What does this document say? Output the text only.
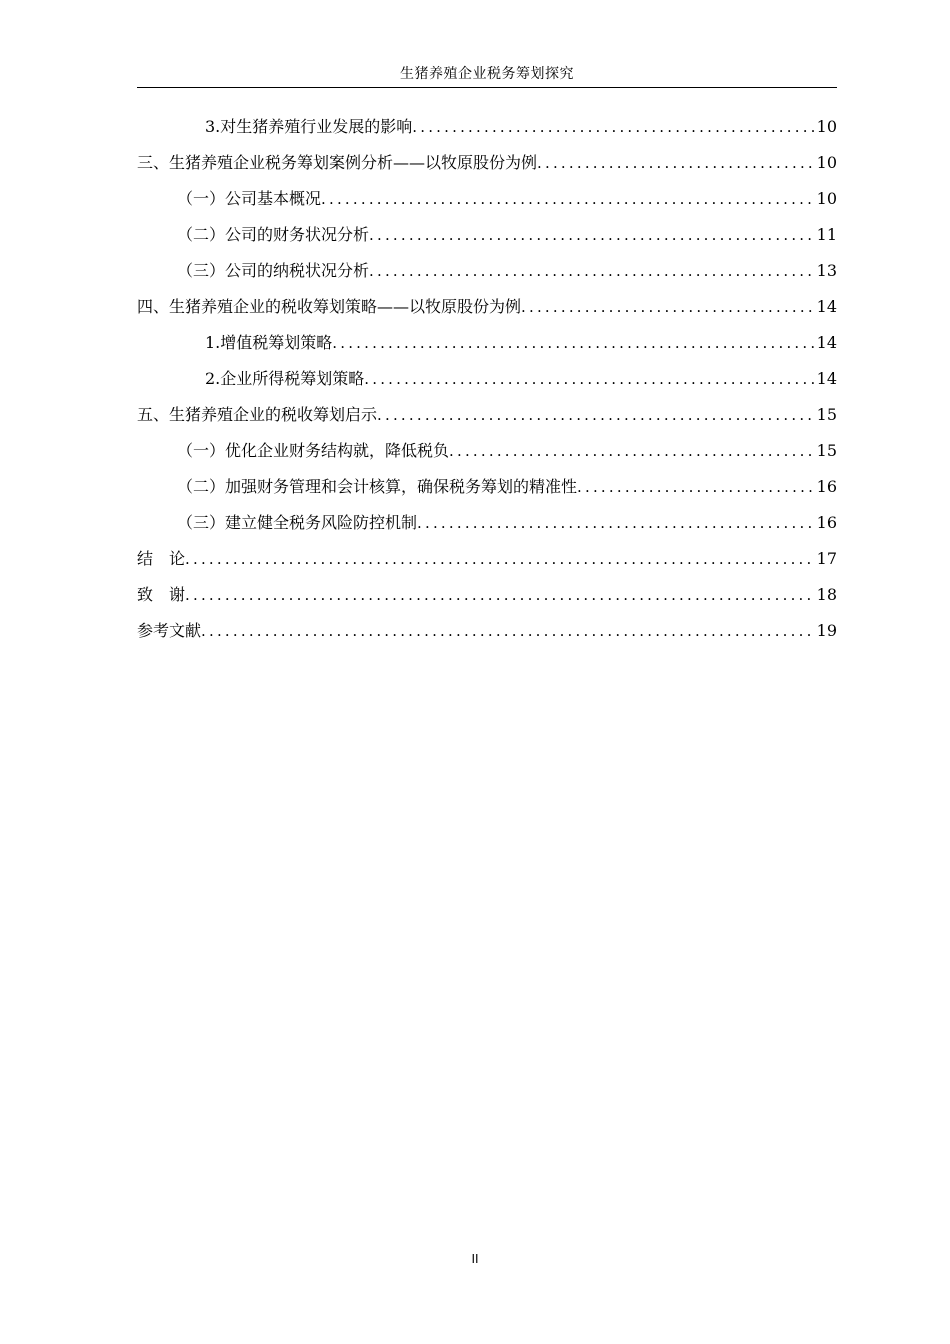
生猪养殖企业税务筹划探究
3.对生猪养殖行业发展的影响 .....	10
三、生猪养殖企业税务筹划案例分析——以牧原股份为例 .....	10
（一）公司基本概况 .....	10
（二）公司的财务状况分析 .....	11
（三）公司的纳税状况分析 .....	13
四、生猪养殖企业的税收筹划策略——以牧原股份为例 .....	14
1.增值税筹划策略 .....	14
2.企业所得税筹划策略 .....	14
五、生猪养殖企业的税收筹划启示 .....	15
（一）优化企业财务结构就，降低税负 .....	15
（二）加强财务管理和会计核算，确保税务筹划的精准性 .....	16
（三）建立健全税务风险防控机制 .....	16
结　论 .....	17
致　谢 .....	18
参考文献 .....	19
II
